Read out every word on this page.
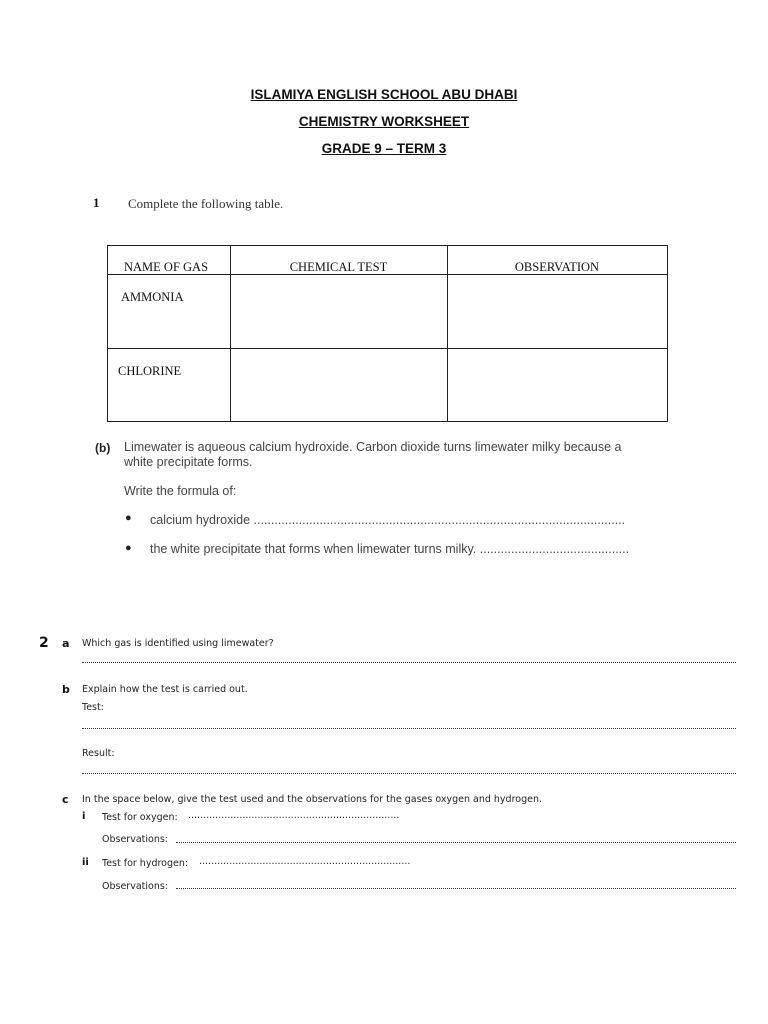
ISLAMIYA ENGLISH SCHOOL ABU DHABI
CHEMISTRY WORKSHEET
GRADE 9 – TERM 3
1 Complete the following table.
NAME OF GAS	CHEMICAL TEST	OBSERVATION
AMMONIA
CHLORINE
(b) Limewater is aqueous calcium hydroxide. Carbon dioxide turns limewater milky because a
white precipitate forms.
Write the formula of:
● calcium hydroxide ...........................................................................................................
● the white precipitate that forms when limewater turns milky. ...........................................
2 a Which gas is identified using limewater?
b Explain how the test is carried out.
Test:
Result:
c In the space below, give the test used and the observations for the gases oxygen and hydrogen.
i Test for oxygen: ......................................................................
Observations:
ii Test for hydrogen: ......................................................................
Observations:
